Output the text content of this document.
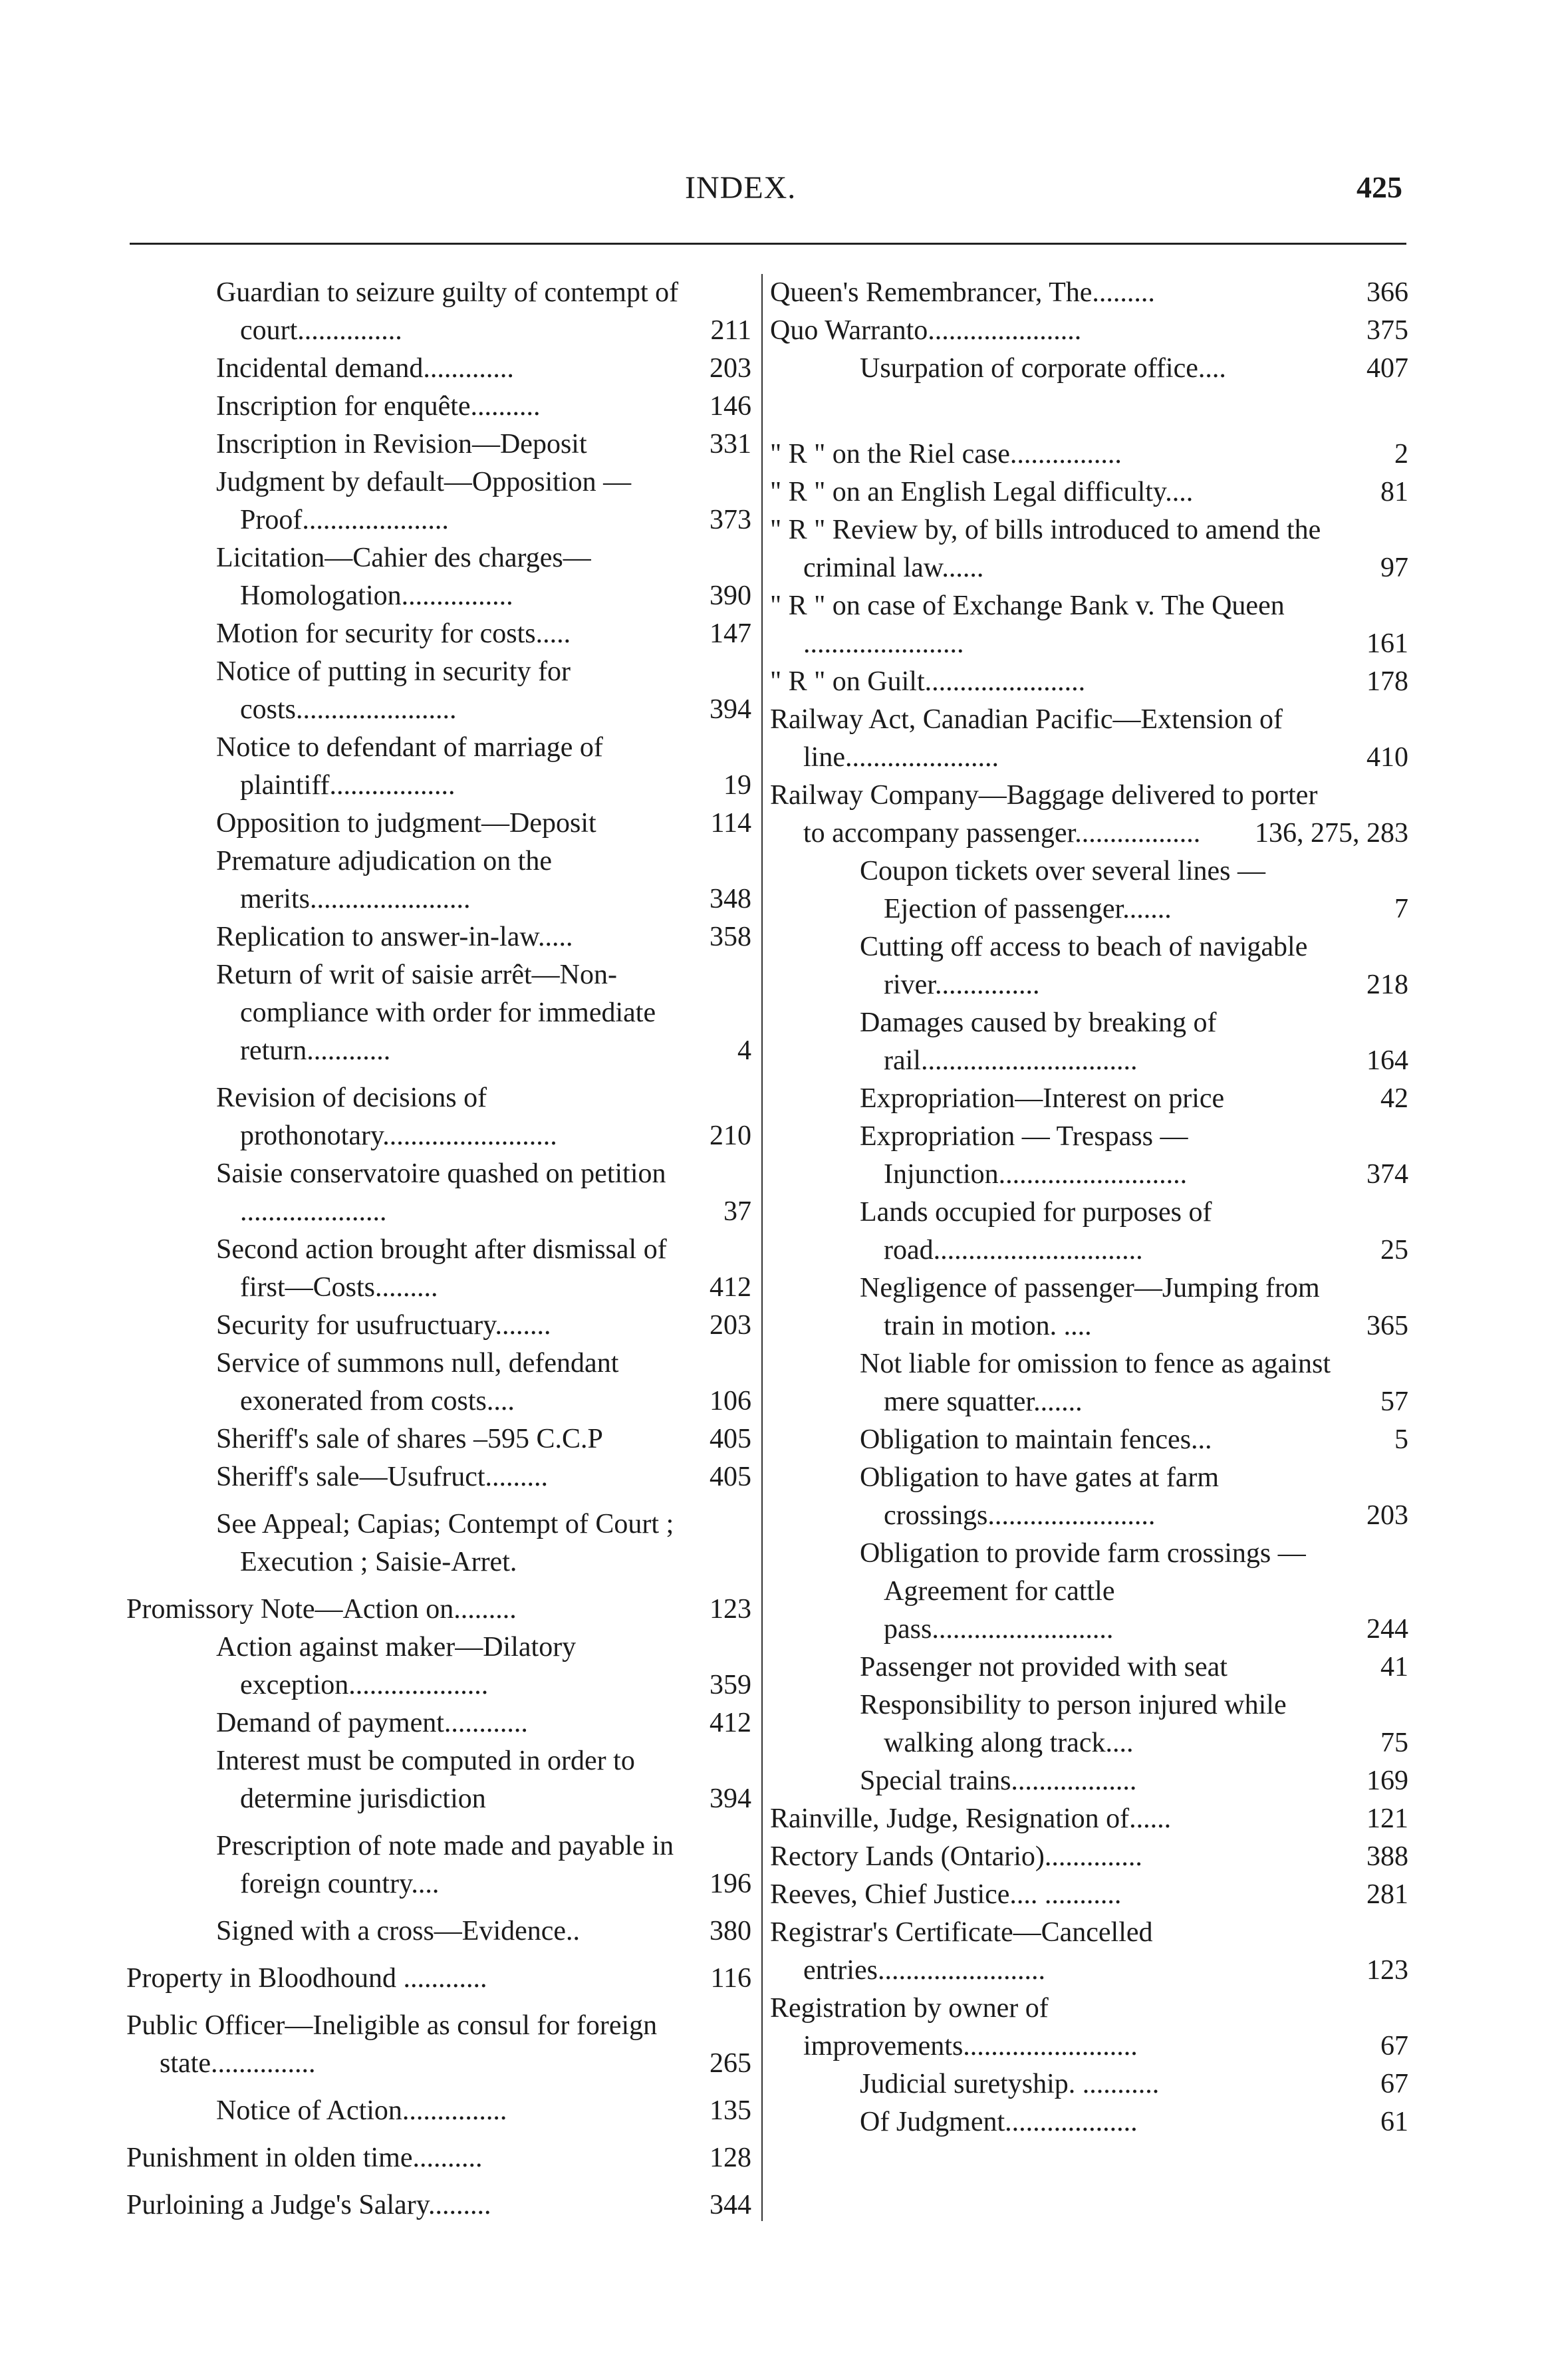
INDEX.	425
Guardian to seizure guilty of contempt of court...............	211
Incidental demand.............	203
Inscription for enquête..........	146
Inscription in Revision—Deposit	331
Judgment by default—Opposition —Proof.....................	373
Licitation—Cahier des charges—Homologation................	390
Motion for security for costs.....	147
Notice of putting in security for costs.......................	394
Notice to defendant of marriage of plaintiff..................	19
Opposition to judgment—Deposit	114
Premature adjudication on the merits.......................	348
Replication to answer-in-law.....	358
Return of writ of saisie arrêt—Non-compliance with order for immediate return............	4
Revision of decisions of prothonotary.........................	210
Saisie conservatoire quashed on petition .....................	37
Second action brought after dismissal of first—Costs.........	412
Security for usufructuary........	203
Service of summons null, defendant exonerated from costs....	106
Sheriff's sale of shares –595 C.C.P	405
Sheriff's sale—Usufruct.........	405
See Appeal; Capias; Contempt of Court ; Execution ; Saisie-Arret.
Promissory Note—Action on.........	123
Action against maker—Dilatory exception....................	359
Demand of payment............	412
Interest must be computed in order to determine jurisdiction	394
Prescription of note made and payable in foreign country....	196
Signed with a cross—Evidence..	380
Property in Bloodhound ............	116
Public Officer—Ineligible as consul for foreign state...............	265
Notice of Action...............	135
Punishment in olden time..........	128
Purloining a Judge's Salary.........	344
Queen's Remembrancer, The.........	366
Quo Warranto......................	375
Usurpation of corporate office....	407
" R " on the Riel case................	2
" R " on an English Legal difficulty....	81
" R " Review by, of bills introduced to amend the criminal law......	97
" R " on case of Exchange Bank v. The Queen .......................	161
" R " on Guilt.......................	178
Railway Act, Canadian Pacific—Extension of line......................	410
Railway Company—Baggage delivered to porter to accompany passenger.................. 136, 275, 283
Coupon tickets over several lines —Ejection of passenger.......	7
Cutting off access to beach of navigable river...............	218
Damages caused by breaking of rail...............................	164
Expropriation—Interest on price	42
Expropriation — Trespass — Injunction...........................	374
Lands occupied for purposes of road..............................	25
Negligence of passenger—Jumping from train in motion. ....	365
Not liable for omission to fence as against mere squatter.......	57
Obligation to maintain fences...	5
Obligation to have gates at farm crossings........................	203
Obligation to provide farm crossings — Agreement for cattle pass..........................	244
Passenger not provided with seat	41
Responsibility to person injured while walking along track....	75
Special trains..................	169
Rainville, Judge, Resignation of......	121
Rectory Lands (Ontario)..............	388
Reeves, Chief Justice.... ...........	281
Registrar's Certificate—Cancelled entries........................	123
Registration by owner of improvements.........................	67
Judicial suretyship. ...........	67
Of Judgment...................	61
